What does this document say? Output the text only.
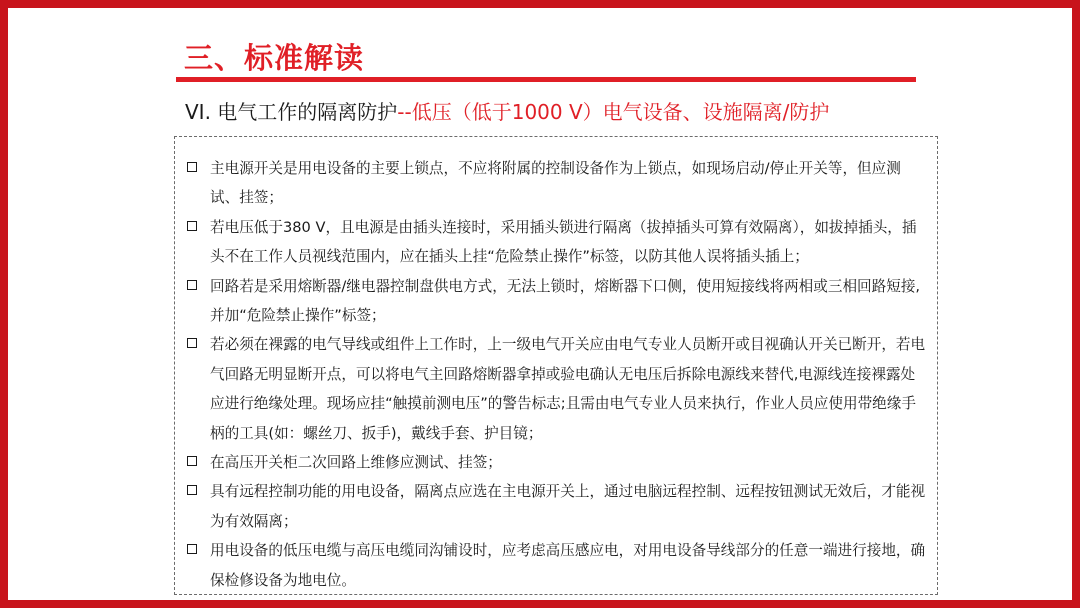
三、标准解读
VI. 电气工作的隔离防护--低压（低于1000 V）电气设备、设施隔离/防护
主电源开关是用电设备的主要上锁点，不应将附属的控制设备作为上锁点，如现场启动/停止开关等，但应测试、挂签；
若电压低于380 V，且电源是由插头连接时，采用插头锁进行隔离（拔掉插头可算有效隔离），如拔掉插头，插头不在工作人员视线范围内，应在插头上挂“危险禁止操作”标签，以防其他人误将插头插上；
回路若是采用熔断器/继电器控制盘供电方式，无法上锁时，熔断器下口侧，使用短接线将两相或三相回路短接,并加“危险禁止操作”标签；
若必须在裸露的电气导线或组件上工作时，上一级电气开关应由电气专业人员断开或目视确认开关已断开，若电气回路无明显断开点，可以将电气主回路熔断器拿掉或验电确认无电压后拆除电源线来替代,电源线连接裸露处应进行绝缘处理。现场应挂“触摸前测电压”的警告标志;且需由电气专业人员来执行，作业人员应使用带绝缘手柄的工具(如：螺丝刀、扳手)，戴线手套、护目镜；
在高压开关柜二次回路上维修应测试、挂签；
具有远程控制功能的用电设备，隔离点应选在主电源开关上，通过电脑远程控制、远程按钮测试无效后，才能视为有效隔离；
用电设备的低压电缆与高压电缆同沟铺设时，应考虑高压感应电，对用电设备导线部分的任意一端进行接地，确保检修设备为地电位。
